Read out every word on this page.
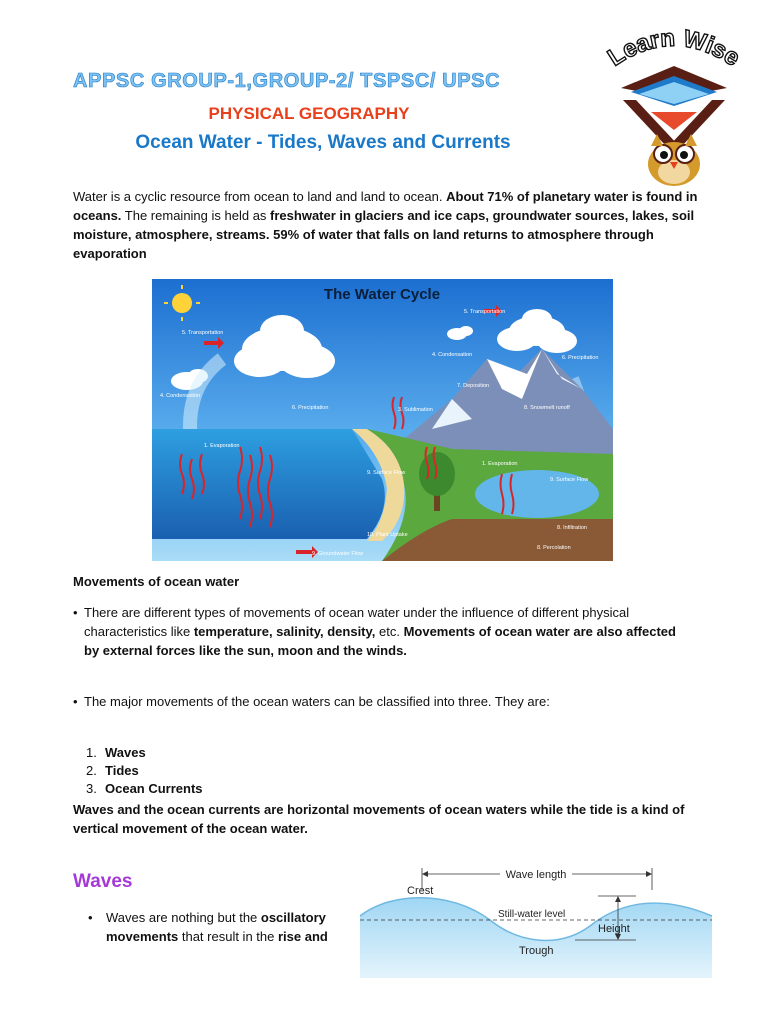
APPSC GROUP-1,GROUP-2/ TSPSC/ UPSC
PHYSICAL GEOGRAPHY
Ocean Water - Tides, Waves and Currents
Learn Wise
Water is a cyclic resource from ocean to land and land to ocean. About 71% of planetary water is found in oceans. The remaining is held as freshwater in glaciers and ice caps, groundwater sources, lakes, soil moisture, atmosphere, streams. 59% of water that falls on land returns to atmosphere through evaporation
The Water Cycle
5. Transportation
5. Transportation
4. Condensation
4. Condensation
6. Precipitation
6. Precipitation
1. Evaporation
1. Evaporation
7. Deposition
3. Sublimation	8. Snowmelt runoff
9. Surface Flow
9. Surface Flow
8. Infiltration
10. Plant Uptake
8. Percolation
9. Groundwater Flow
Movements of ocean water
• There are different types of movements of ocean water under the influence of different physical characteristics like temperature, salinity, density, etc. Movements of ocean water are also affected by external forces like the sun, moon and the winds.
• The major movements of the ocean waters can be classified into three. They are:
1. Waves
2. Tides
3. Ocean Currents
Waves and the ocean currents are horizontal movements of ocean waters while the tide is a kind of vertical movement of the ocean water.
Waves
• Waves are nothing but the oscillatory movements that result in the rise and
Wave length
Crest
Still-water level
Trough
Height
